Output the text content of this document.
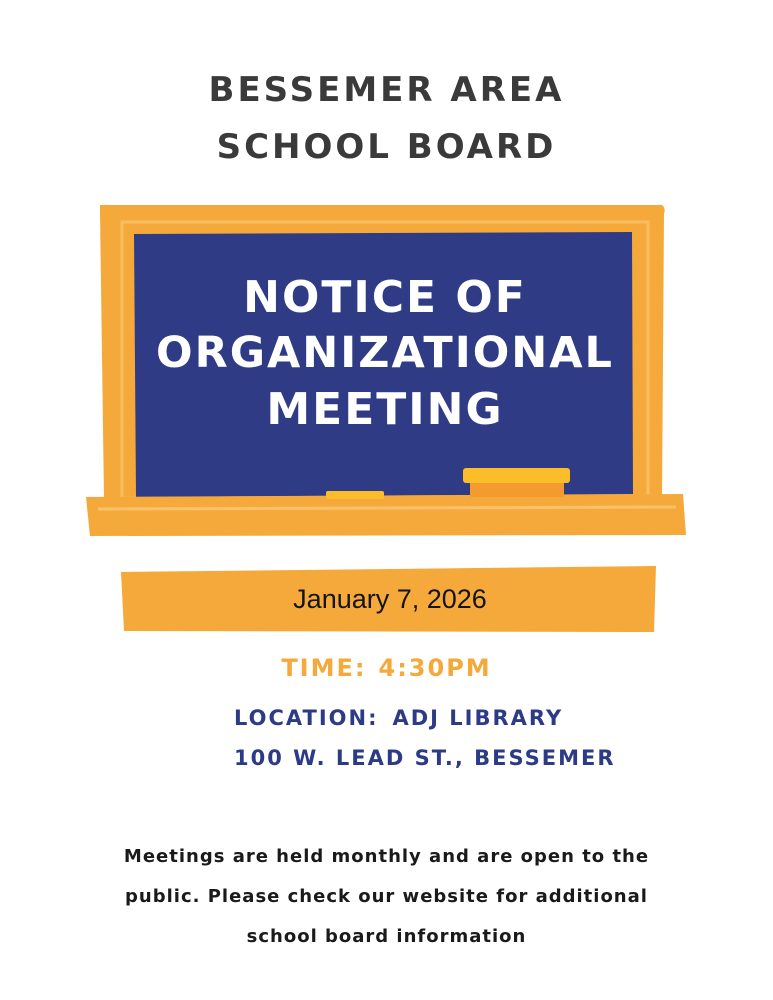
BESSEMER AREA
SCHOOL BOARD
NOTICE OF
ORGANIZATIONAL
MEETING
January 7, 2026
TIME: 4:30PM
LOCATION: ADJ LIBRARY
100 W. LEAD ST., BESSEMER
Meetings are held monthly and are open to the
public. Please check our website for additional
school board information
